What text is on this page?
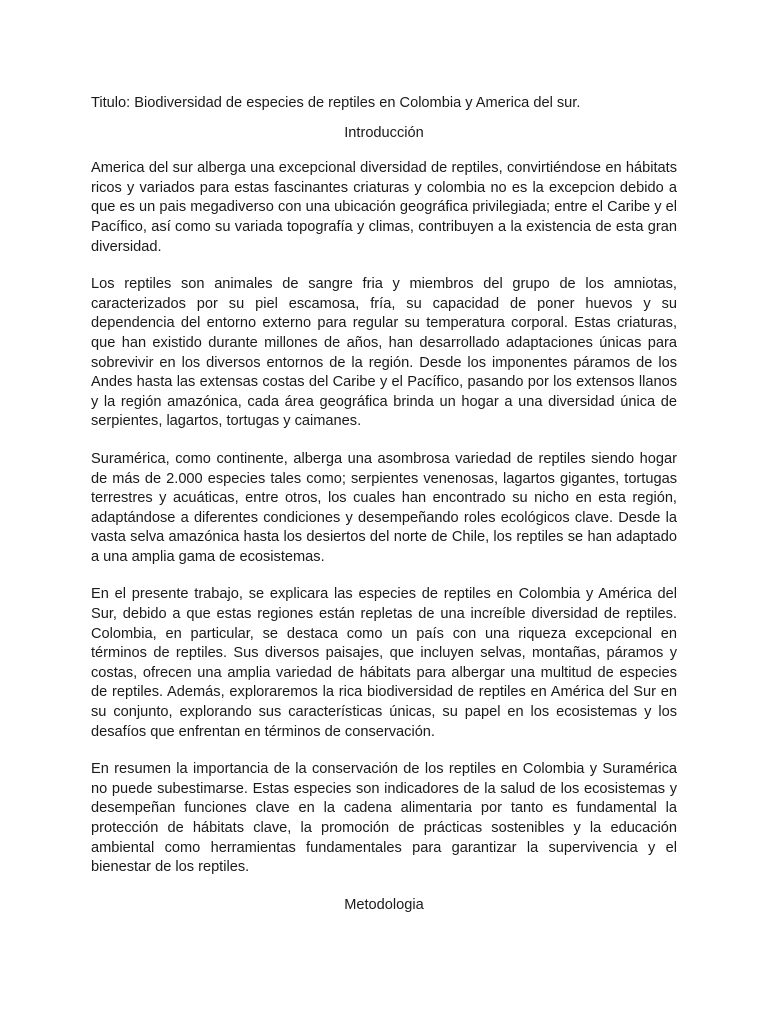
Titulo: Biodiversidad de especies de reptiles en Colombia y America del sur.

Introducción

America del sur alberga una excepcional diversidad de reptiles, convirtiéndose en hábitats ricos y variados para estas fascinantes criaturas y colombia no es la excepcion debido a que es un pais megadiverso con una ubicación geográfica privilegiada; entre el Caribe y el Pacífico, así como su variada topografía y climas, contribuyen a la existencia de esta gran diversidad.

Los reptiles son animales de sangre fria y miembros del grupo de los amniotas, caracterizados por su piel escamosa, fría, su capacidad de poner huevos y su dependencia del entorno externo para regular su temperatura corporal. Estas criaturas, que han existido durante millones de años, han desarrollado adaptaciones únicas para sobrevivir en los diversos entornos de la región. Desde los imponentes páramos de los Andes hasta las extensas costas del Caribe y el Pacífico, pasando por los extensos llanos y la región amazónica, cada área geográfica brinda un hogar a una diversidad única de serpientes, lagartos, tortugas y caimanes.

Suramérica, como continente, alberga una asombrosa variedad de reptiles siendo hogar de más de 2.000 especies tales como; serpientes venenosas, lagartos gigantes, tortugas terrestres y acuáticas, entre otros, los cuales han encontrado su nicho en esta región, adaptándose a diferentes condiciones y desempeñando roles ecológicos clave. Desde la vasta selva amazónica hasta los desiertos del norte de Chile, los reptiles se han adaptado a una amplia gama de ecosistemas.

En el presente trabajo, se explicara las especies de reptiles en Colombia y América del Sur, debido a que estas regiones están repletas de una increíble diversidad de reptiles. Colombia, en particular, se destaca como un país con una riqueza excepcional en términos de reptiles. Sus diversos paisajes, que incluyen selvas, montañas, páramos y costas, ofrecen una amplia variedad de hábitats para albergar una multitud de especies de reptiles. Además, exploraremos la rica biodiversidad de reptiles en América del Sur en su conjunto, explorando sus características únicas, su papel en los ecosistemas y los desafíos que enfrentan en términos de conservación.

En resumen la importancia de la conservación de los reptiles en Colombia y Suramérica no puede subestimarse. Estas especies son indicadores de la salud de los ecosistemas y desempeñan funciones clave en la cadena alimentaria por tanto es fundamental la protección de hábitats clave, la promoción de prácticas sostenibles y la educación ambiental como herramientas fundamentales para garantizar la supervivencia y el bienestar de los reptiles.

Metodologia
